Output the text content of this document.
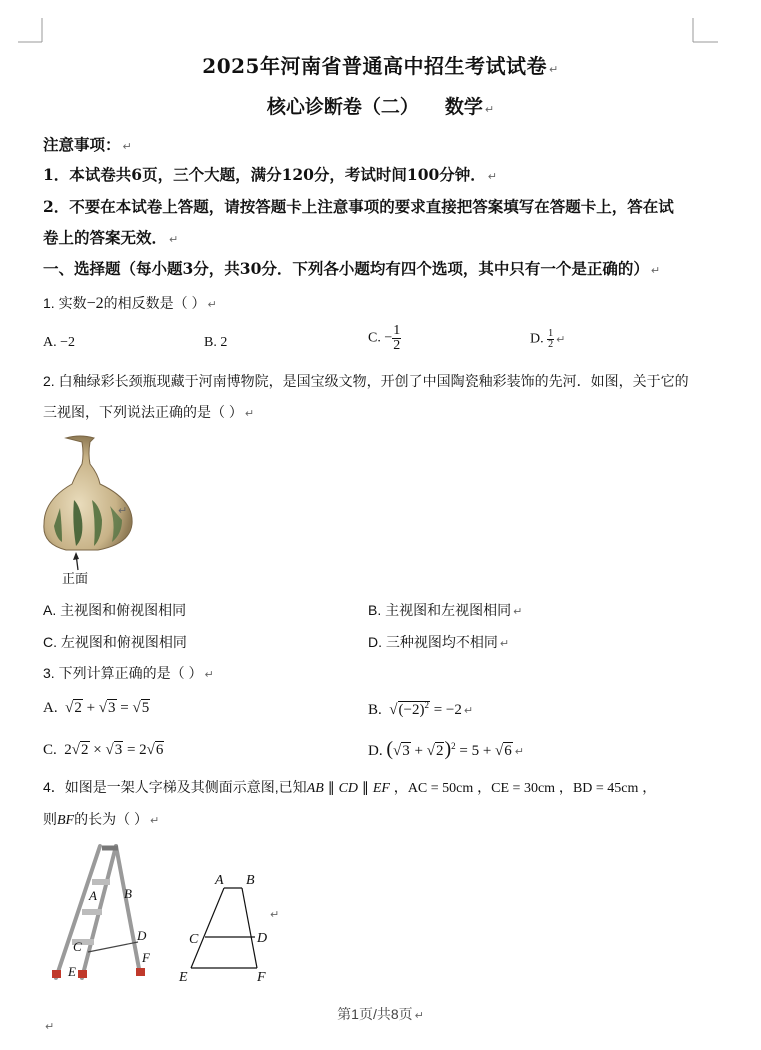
2025年河南省普通高中招生考试试卷 ↵
核心诊断卷（二） 数学 ↵
注意事项： ↵
1．本试卷共6页，三个大题，满分120分，考试时间100分钟． ↵
2．不要在本试卷上答题，请按答题卡上注意事项的要求直接把答案填写在答题卡上，答在试
卷上的答案无效． ↵
一、选择题（每小题3分，共30分．下列各小题均有四个选项，其中只有一个是正确的） ↵
1. 实数−2的相反数是（ ） ↵
A. −2	B. 2	C. − $\frac{1}{2}$	D. $\frac{1}{2}$ ↵
2. 白釉绿彩长颈瓶现藏于河南博物院，是国宝级文物，开创了中国陶瓷釉彩装饰的先河．如图，关于它的
三视图，下列说法正确的是（ ） ↵
正面
↵
A. 主视图和俯视图相同	B. 主视图和左视图相同 ↵
C. 左视图和俯视图相同	D. 三种视图均不相同 ↵
3. 下列计算正确的是（ ） ↵
A.  √2 + √3 = √5	B.  $√(-2)^2 = -2$ ↵
C. 2√2 × √3 = 2√6	D. $(√3 + √2)^2 = 5 + √6$ ↵
4．如图是一架人字梯及其侧面示意图,已知AB ∥ CD ∥ EF ，AC = 50cm ，CE = 30cm ，BD = 45cm ，
则BF的长为（ ） ↵
A B
C
D
E
F
A B
C	D
E	F
↵
第1页/共8页 ↵
↵
